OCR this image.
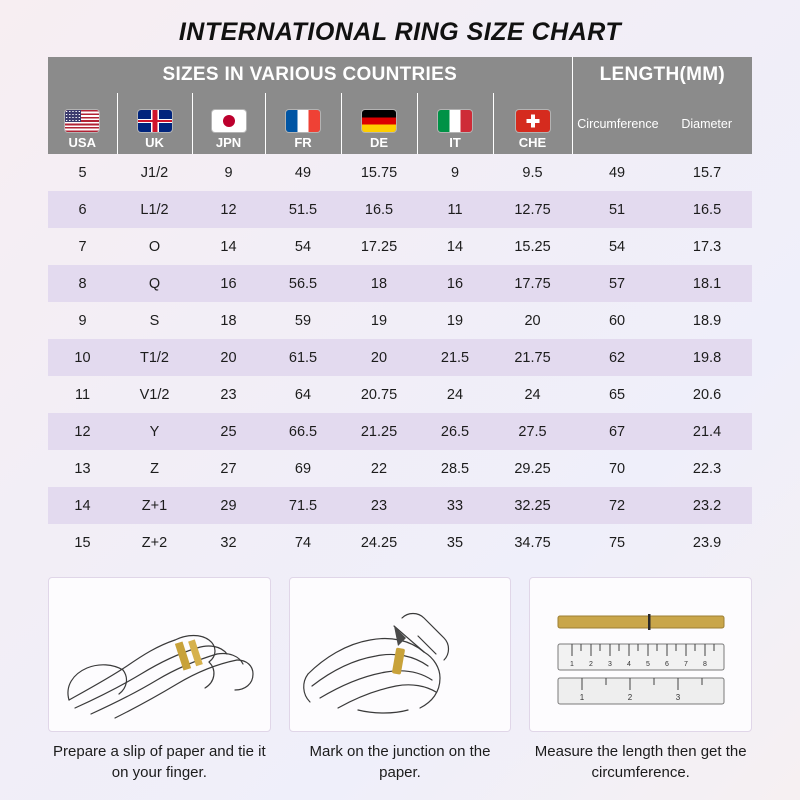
INTERNATIONAL RING SIZE CHART
SIZES IN VARIOUS COUNTRIES							LENGTH(MM)	

USA	UK	JPN	FR	DE	IT	CHE	Circumference Diameter	

5	J1/2	9	49	15.75	9	9.5	49	15.7
6	L1/2	12	51.5	16.5	11	12.75	51	16.5
7	O	14	54	17.25	14	15.25	54	17.3
8	Q	16	56.5	18	16	17.75	57	18.1
9	S	18	59	19	19	20	60	18.9
10	T1/2	20	61.5	20	21.5	21.75	62	19.8
11	V1/2	23	64	20.75	24	24	65	20.6
12	Y	25	66.5	21.25	26.5	27.5	67	21.4
13	Z	27	69	22	28.5	29.25	70	22.3
14	Z+1	29	71.5	23	33	32.25	72	23.2
15	Z+2	32	74	24.25	35	34.75	75	23.9
Prepare a slip of paper and tie it on your finger.
Mark on the junction on the paper.
1 2 3 4 5 6 7 8
1	2	3
Measure the length then get the circumference.
